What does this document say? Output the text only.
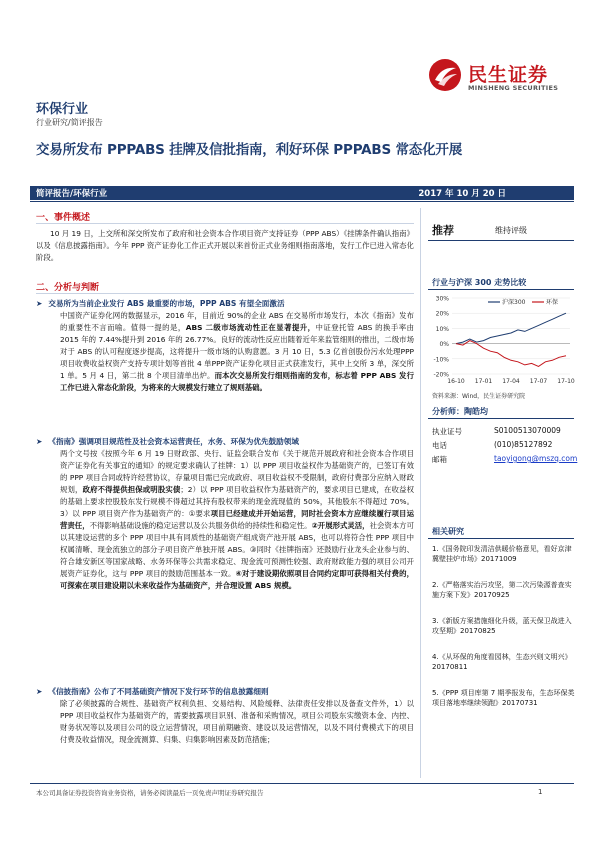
民生证券
MINSHENG SECURITIES
环保行业
行业研究/简评报告
交易所发布 PPPABS 挂牌及信批指南，利好环保 PPPABS 常态化开展
简评报告/环保行业	2017 年 10 月 20 日
一、事件概述
10 月 19 日，上交所和深交所发布了政府和社会资本合作项目资产支持证券（PPP ABS）《挂牌条件确认指南》以及《信息披露指南》。今年 PPP 资产证券化工作正式开展以来首份正式业务细则指南落地，发行工作已进入常态化阶段。
二、分析与判断
➤ 交易所为当前企业发行 ABS 最重要的市场，PPP ABS 有望全面激活
中国资产证券化网的数据显示，2016 年，目前近 90%的企业 ABS 在交易所市场发行，本次《指南》发布的重要性不言而喻。值得一提的是，ABS 二级市场流动性正在显著提升，中证登托管 ABS 的换手率由 2015 年的 7.44%提升到 2016 年的 26.77%。良好的流动性反应出随着近年来监管细则的推出，二级市场对于 ABS 的认可程度逐步提高，这将提升一级市场的认购意愿。3 月 10 日，5.3 亿首创股份污水处理PPP项目收费收益权资产支持专项计划等首批 4 单PPP资产证券化项目正式获准发行，其中上交所 3 单，深交所 1 单。5 月 4 日，第二批 8 个项目清单出炉。而本次交易所发行细则指南的发布，标志着 PPP ABS 发行工作已进入常态化阶段，为将来的大规模发行建立了规则基础。
➤ 《指南》强调项目规范性及社会资本运营责任，水务、环保为优先鼓励领域
两个文号按《按照今年 6 月 19 日财政部、央行、证监会联合发布《关于规范开展政府和社会资本合作项目资产证券化有关事宜的通知》的规定要求确认了挂牌：1）以 PPP 项目收益权作为基础资产的，已签订有效的 PPP 项目合同或特许经营协议，存量项目需已完成政府、项目收益权不受限制，政府付费部分应纳入财政规划，政府不得提供担保或明股实债；2）以 PPP 项目收益权作为基础资产的，要求项目已建成，在收益权的基础上要求控股股东发行规模不得超过其持有股权带来的现金流现值的 50%，其他股东不得超过 70%。3）以 PPP 项目资产作为基础资产的：①要求项目已经建成并开始运营，同时社会资本方应继续履行项目运营责任，不得影响基础设施的稳定运营以及公共服务供给的持续性和稳定性。②开展形式灵活，社会资本方可以其建设运营的多个 PPP 项目中具有同质性的基础资产组成资产池开展 ABS，也可以将符合性 PPP 项目中权属清晰、现金流独立的部分子项目资产单独开展 ABS。③同时《挂牌指南》还鼓励行业龙头企业参与的、符合雄安新区等国家战略、水务环保等公共需求稳定、现金流可预测性较强、政府财政能力强的项目公司开展资产证券化，这与 PPP 项目的鼓励范围基本一致。④对于建设期依照项目合同约定即可获得相关付费的，可探索在项目建设期以未来收益作为基础资产，并合理设置 ABS 规模。
➤ 《信披指南》公布了不同基础资产情况下发行环节的信息披露细则
除了必须披露的合规性、基础资产权利负担、交易结构、风险缓释、法律责任安排以及备查文件外，1）以 PPP 项目收益权作为基础资产的，需要披露项目识别、准备和采购情况，项目公司股东实缴资本金、内控、财务状况等以及项目公司的设立运营情况，项目前期融资、建设以及运营情况，以及不同付费模式下的项目付费及收益情况，现金流测算、归集、归集影响因素及防范措施；
推荐	维持评级
行业与沪深 300 走势比较
30%
20%
10%
0%
-10%
-20%
16-10 17-01 17-04 17-07 17-10
沪深300	环保
资料来源：Wind，民生证券研究院
分析师：陶皓均
执业证号	S0100513070009
电话	(010)85127892
邮箱	taoyigong@mszq.com
相关研究
1.《国务院印发清洁供暖价格意见，看好京津冀壁挂炉市场》20171009
2.《严格落实治污攻坚，第二次污染源普查实施方案下发》20170925
3.《新版方案措施细化升级，蓝天保卫战进入攻坚期》20170825
4.《从环保的角度看园林，生态兴则文明兴》20170811
5.《PPP 项目库第 7 期季报发布，生态环保类项目落地率继续领跑》20170731
本公司具备证券投资咨询业务资格，请务必阅读最后一页免责声明证券研究报告	1
